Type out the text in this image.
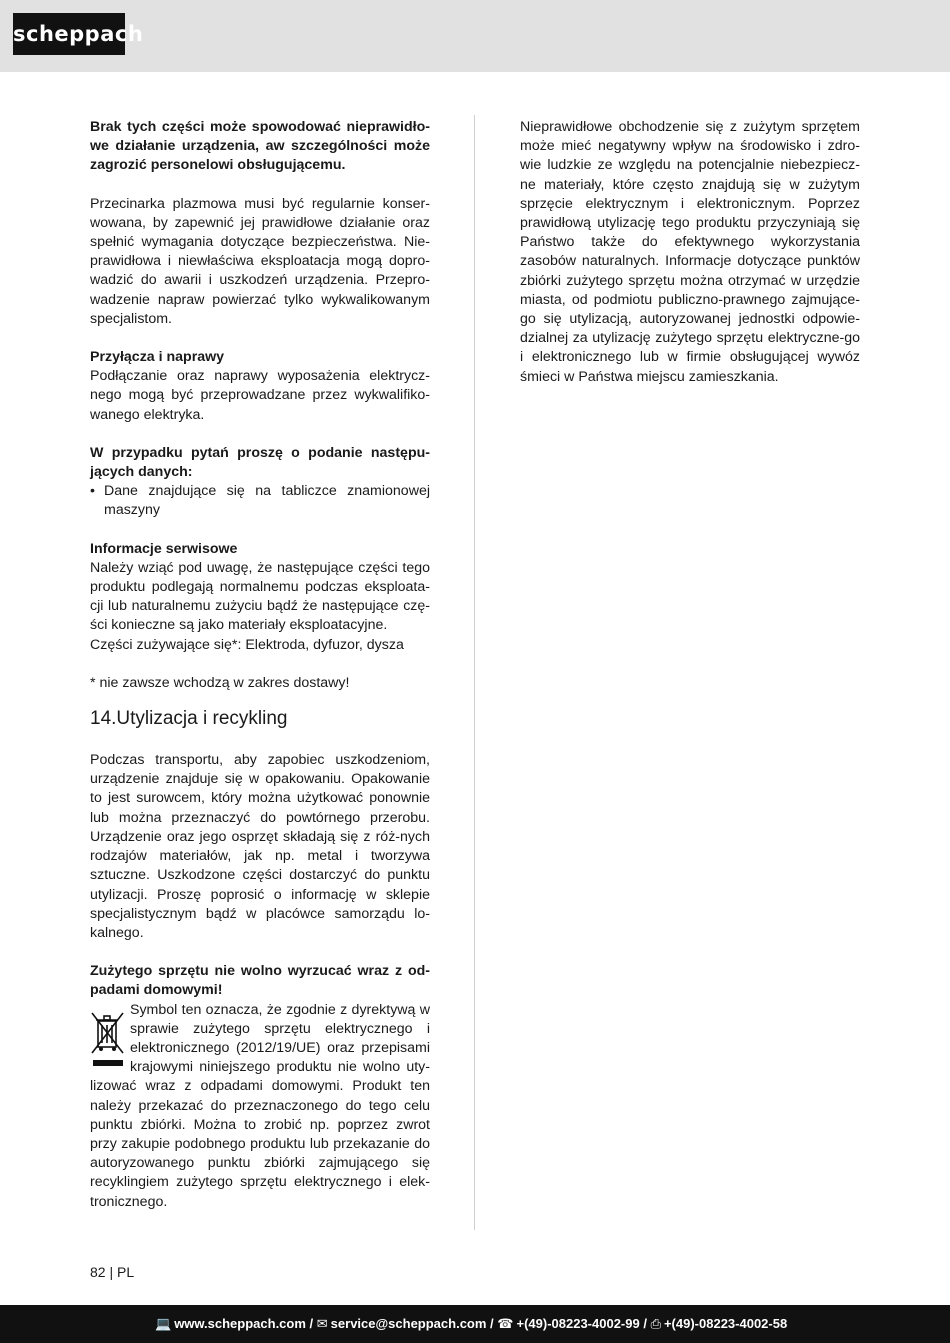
scheppach

Brak tych części może spowodować nieprawidło-we działanie urządzenia, aw szczególności może zagrozić personelowi obsługującemu.

Przecinarka plazmowa musi być regularnie konser-wowana, by zapewnić jej prawidłowe działanie oraz spełnić wymagania dotyczące bezpieczeństwa. Nie-prawidłowa i niewłaściwa eksploatacja mogą dopro-wadzić do awarii i uszkodzeń urządzenia. Przepro-wadzenie napraw powierzać tylko wykwalikowanym specjalistom.

Przyłącza i naprawy

Podłączanie oraz naprawy wyposażenia elektrycz-nego mogą być przeprowadzane przez wykwalifiko-wanego elektryka.

W przypadku pytań proszę o podanie następu-jących danych:

• Dane znajdujące się na tabliczce znamionowej maszyny

Informacje serwisowe

Należy wziąć pod uwagę, że następujące części tego produktu podlegają normalnemu podczas eksploata-cji lub naturalnemu zużyciu bądź że następujące czę-ści konieczne są jako materiały eksploatacyjne.

Części zużywające się*: Elektroda, dyfuzor, dysza

* nie zawsze wchodzą w zakres dostawy!

14.Utylizacja i recykling

Podczas transportu, aby zapobiec uszkodzeniom, urządzenie znajduje się w opakowaniu. Opakowanie to jest surowcem, który można użytkować ponownie lub można przeznaczyć do powtórnego przerobu. Urządzenie oraz jego osprzęt składają się z róż-nych rodzajów materiałów, jak np. metal i tworzywa sztuczne. Uszkodzone części dostarczyć do punktu utylizacji. Proszę poprosić o informację w sklepie specjalistycznym bądź w placówce samorządu lo-kalnego.

Zużytego sprzętu nie wolno wyrzucać wraz z od-padami domowymi!

Symbol ten oznacza, że zgodnie z dyrektywą w sprawie zużytego sprzętu elektrycznego i elektronicznego (2012/19/UE) oraz przepisami krajowymi niniejszego produktu nie wolno uty-lizować wraz z odpadami domowymi. Produkt ten należy przekazać do przeznaczonego do tego celu punktu zbiórki. Można to zrobić np. poprzez zwrot przy zakupie podobnego produktu lub przekazanie do autoryzowanego punktu zbiórki zajmującego się recyklingiem zużytego sprzętu elektrycznego i elek-tronicznego.

Nieprawidłowe obchodzenie się z zużytym sprzętem może mieć negatywny wpływ na środowisko i zdro-wie ludzkie ze względu na potencjalnie niebezpiecz-ne materiały, które często znajdują się w zużytym sprzęcie elektrycznym i elektronicznym. Poprzez prawidłową utylizację tego produktu przyczyniają się Państwo także do efektywnego wykorzystania zasobów naturalnych. Informacje dotyczące punktów zbiórki zużytego sprzętu można otrzymać w urzędzie miasta, od podmiotu publiczno-prawnego zajmujące-go się utylizacją, autoryzowanej jednostki odpowie-dzialnej za utylizację zużytego sprzętu elektryczne-go i elektronicznego lub w firmie obsługującej wywóz śmieci w Państwa miejscu zamieszkania.

82 | PL
💻 www.scheppach.com / ✉ service@scheppach.com / ☎ +(49)-08223-4002-99 / ⎙ +(49)-08223-4002-58
